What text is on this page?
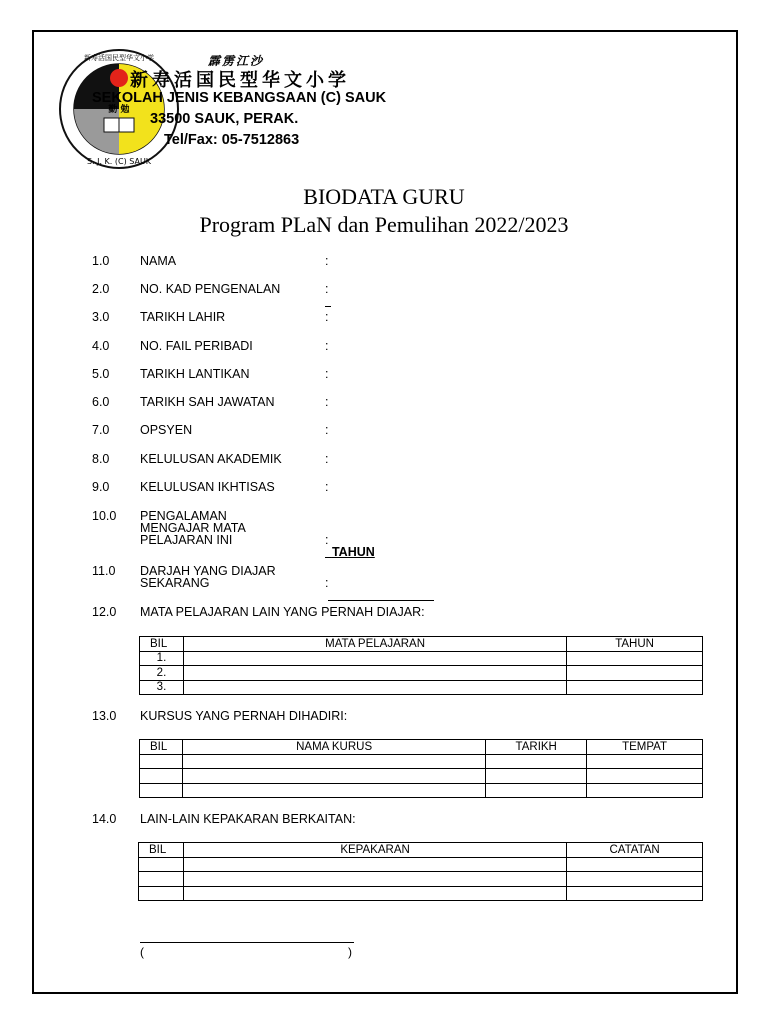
勤 勉
S. J. K. (C) SAUK
新寿活国民型华文小学	霹雳江沙
新寿活国民型华文小学
SEKOLAH JENIS KEBANGSAAN (C) SAUK
33500 SAUK, PERAK.
Tel/Fax: 05-7512863
BIODATA GURU
Program PLaN dan Pemulihan 2022/2023
1.0	NAMA	:
2.0	NO. KAD PENGENALAN	:
3.0	TARIKH LAHIR	:
4.0	NO. FAIL PERIBADI	:
5.0	TARIKH LANTIKAN	:
6.0	TARIKH SAH JAWATAN	:
7.0	OPSYEN	:
8.0	KELULUSAN AKADEMIK	:
9.0	KELULUSAN IKHTISAS	:
10.0	PENGALAMAN
MENGAJAR MATA
PELAJARAN INI	:   TAHUN
11.0	DARJAH YANG DIAJAR
SEKARANG	:
12.0	MATA PELAJARAN LAIN YANG PERNAH DIAJAR:
BIL	MATA PELAJARAN	TAHUN
1.		
2.		
3.		
13.0	KURSUS YANG PERNAH DIHADIRI:
BIL	NAMA KURUS	TARIKH	TEMPAT

14.0	LAIN-LAIN KEPAKARAN BERKAITAN:
BIL	KEPAKARAN	CATATAN

(	)
